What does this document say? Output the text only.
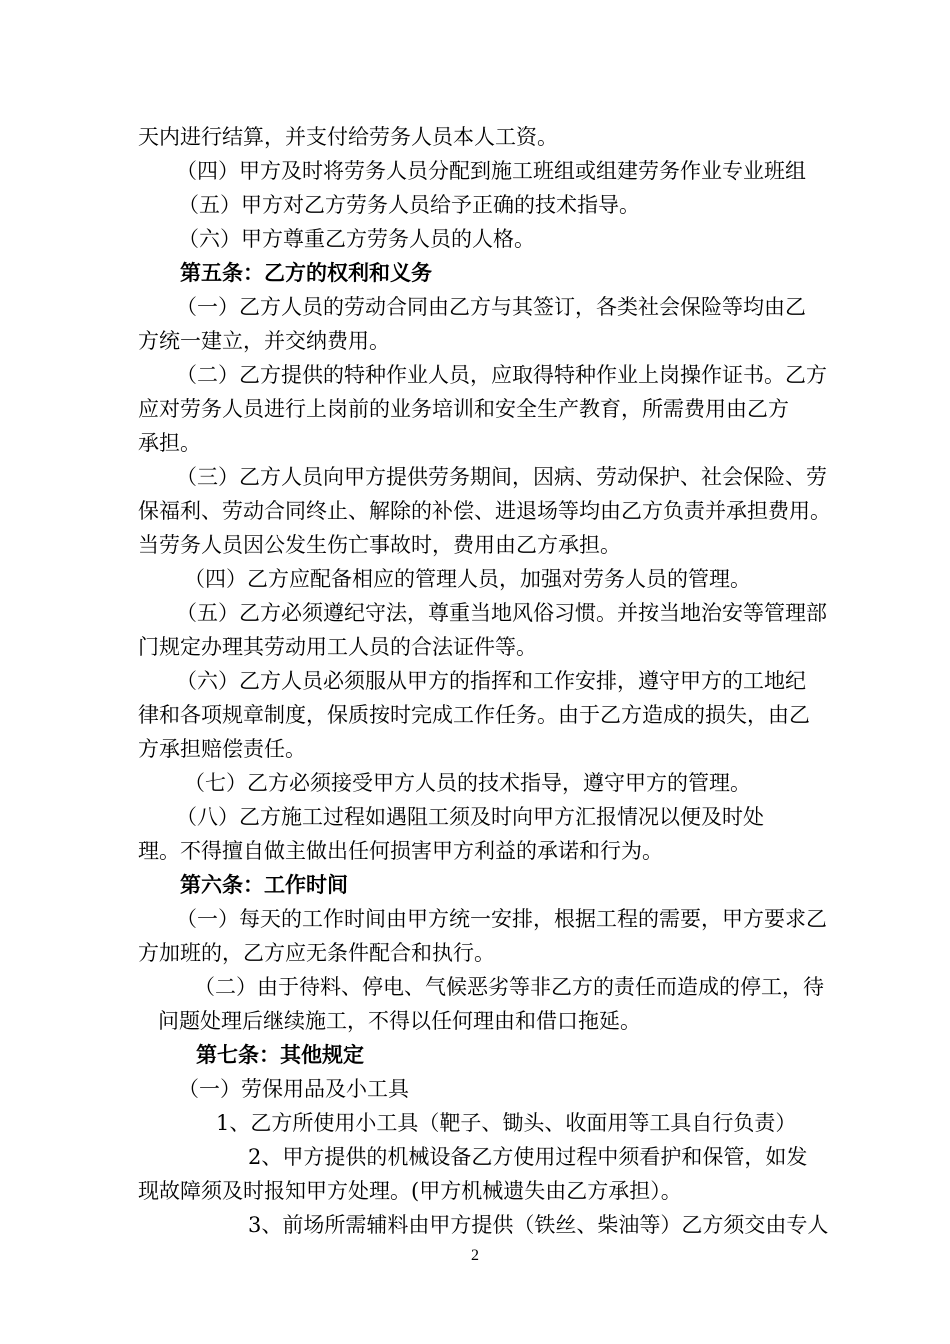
天内进行结算，并支付给劳务人员本人工资。
（四）甲方及时将劳务人员分配到施工班组或组建劳务作业专业班组
（五）甲方对乙方劳务人员给予正确的技术指导。
（六）甲方尊重乙方劳务人员的人格。
第五条：乙方的权利和义务
（一）乙方人员的劳动合同由乙方与其签订，各类社会保险等均由乙
方统一建立，并交纳费用。
（二）乙方提供的特种作业人员，应取得特种作业上岗操作证书。乙方
应对劳务人员进行上岗前的业务培训和安全生产教育，所需费用由乙方
承担。
（三）乙方人员向甲方提供劳务期间，因病、劳动保护、社会保险、劳
保福利、劳动合同终止、解除的补偿、进退场等均由乙方负责并承担费用。
当劳务人员因公发生伤亡事故时，费用由乙方承担。
（四）乙方应配备相应的管理人员，加强对劳务人员的管理。
（五）乙方必须遵纪守法，尊重当地风俗习惯。并按当地治安等管理部
门规定办理其劳动用工人员的合法证件等。
（六）乙方人员必须服从甲方的指挥和工作安排，遵守甲方的工地纪
律和各项规章制度，保质按时完成工作任务。由于乙方造成的损失，由乙
方承担赔偿责任。
（七）乙方必须接受甲方人员的技术指导，遵守甲方的管理。
（八）乙方施工过程如遇阻工须及时向甲方汇报情况以便及时处
理。不得擅自做主做出任何损害甲方利益的承诺和行为。
第六条：工作时间
（一）每天的工作时间由甲方统一安排，根据工程的需要，甲方要求乙
方加班的，乙方应无条件配合和执行。
（二）由于待料、停电、气候恶劣等非乙方的责任而造成的停工，待
问题处理后继续施工，不得以任何理由和借口拖延。
第七条：其他规定
（一）劳保用品及小工具
1、乙方所使用小工具（靶子、锄头、收面用等工具自行负责）
2、甲方提供的机械设备乙方使用过程中须看护和保管，如发
现故障须及时报知甲方处理。(甲方机械遗失由乙方承担）。
3、前场所需辅料由甲方提供（铁丝、柴油等）乙方须交由专人
2
